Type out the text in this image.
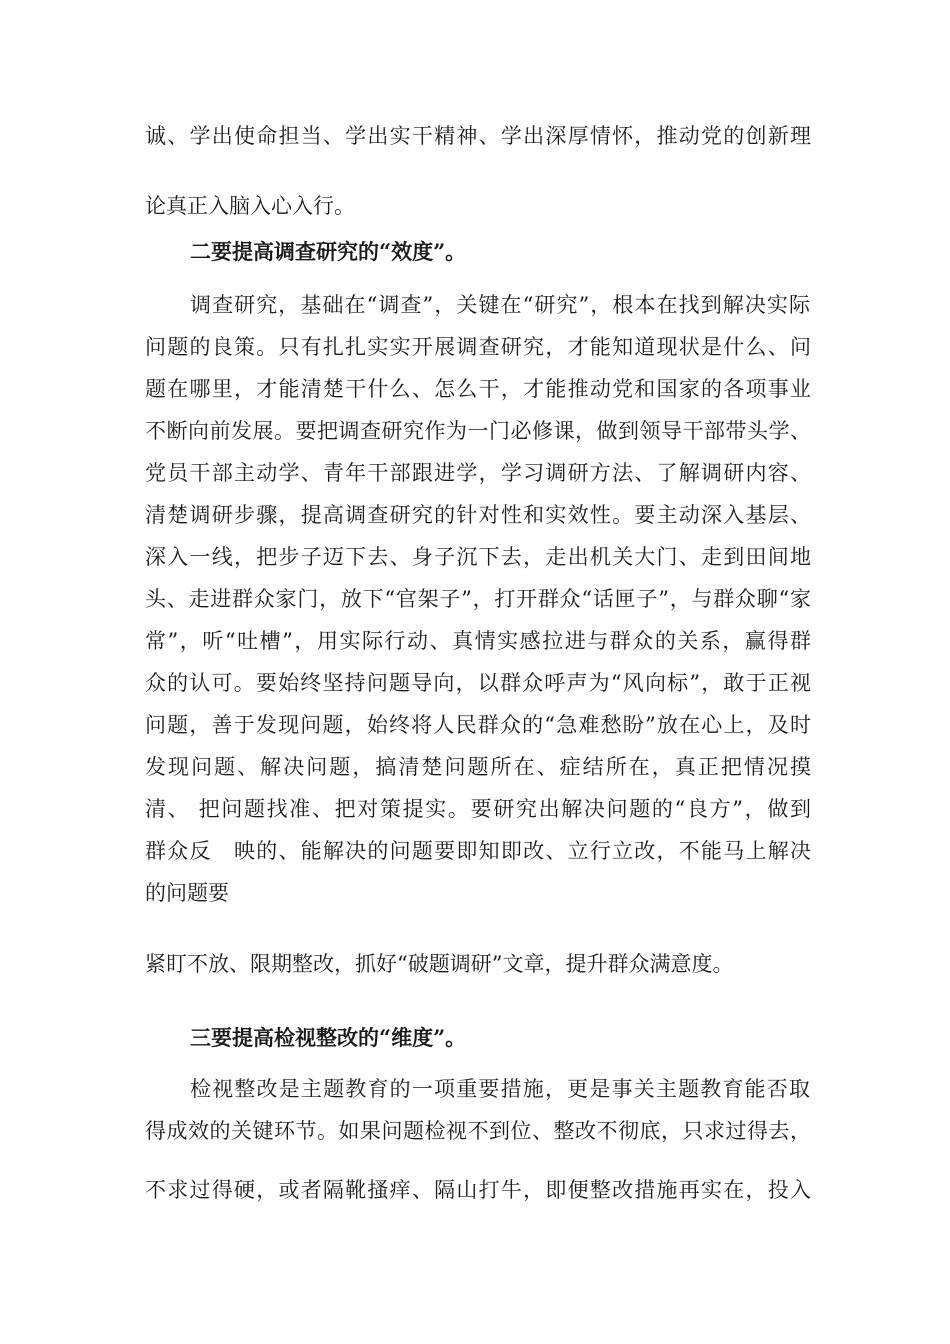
诚、学出使命担当、学出实干精神、学出深厚情怀，推动党的创新理

论真正入脑入心入行。

二要提高调查研究的“效度”。

调查研究，基础在“调查”，关键在“研究”，根本在找到解决实际

问题的良策。只有扎扎实实开展调查研究，才能知道现状是什么、问

题在哪里，才能清楚干什么、怎么干，才能推动党和国家的各项事业

不断向前发展。要把调查研究作为一门必修课，做到领导干部带头学、

党员干部主动学、青年干部跟进学，学习调研方法、了解调研内容、

清楚调研步骤，提高调查研究的针对性和实效性。要主动深入基层、

深入一线，把步子迈下去、身子沉下去，走出机关大门、走到田间地

头、走进群众家门，放下“官架子”，打开群众“话匣子”，与群众聊“家

常”，听“吐槽”，用实际行动、真情实感拉进与群众的关系，赢得群

众的认可。要始终坚持问题导向，以群众呼声为“风向标”，敢于正视

问题，善于发现问题，始终将人民群众的“急难愁盼”放在心上，及时

发现问题、解决问题，搞清楚问题所在、症结所在，真正把情况摸

清、 把问题找准、把对策提实。要研究出解决问题的“良方”，做到

群众反　映的、能解决的问题要即知即改、立行立改，不能马上解决

的问题要

紧盯不放、限期整改，抓好“破题调研”文章，提升群众满意度。

三要提高检视整改的“维度”。

检视整改是主题教育的一项重要措施，更是事关主题教育能否取

得成效的关键环节。如果问题检视不到位、整改不彻底，只求过得去，

不求过得硬，或者隔靴搔痒、隔山打牛，即便整改措施再实在，投入
